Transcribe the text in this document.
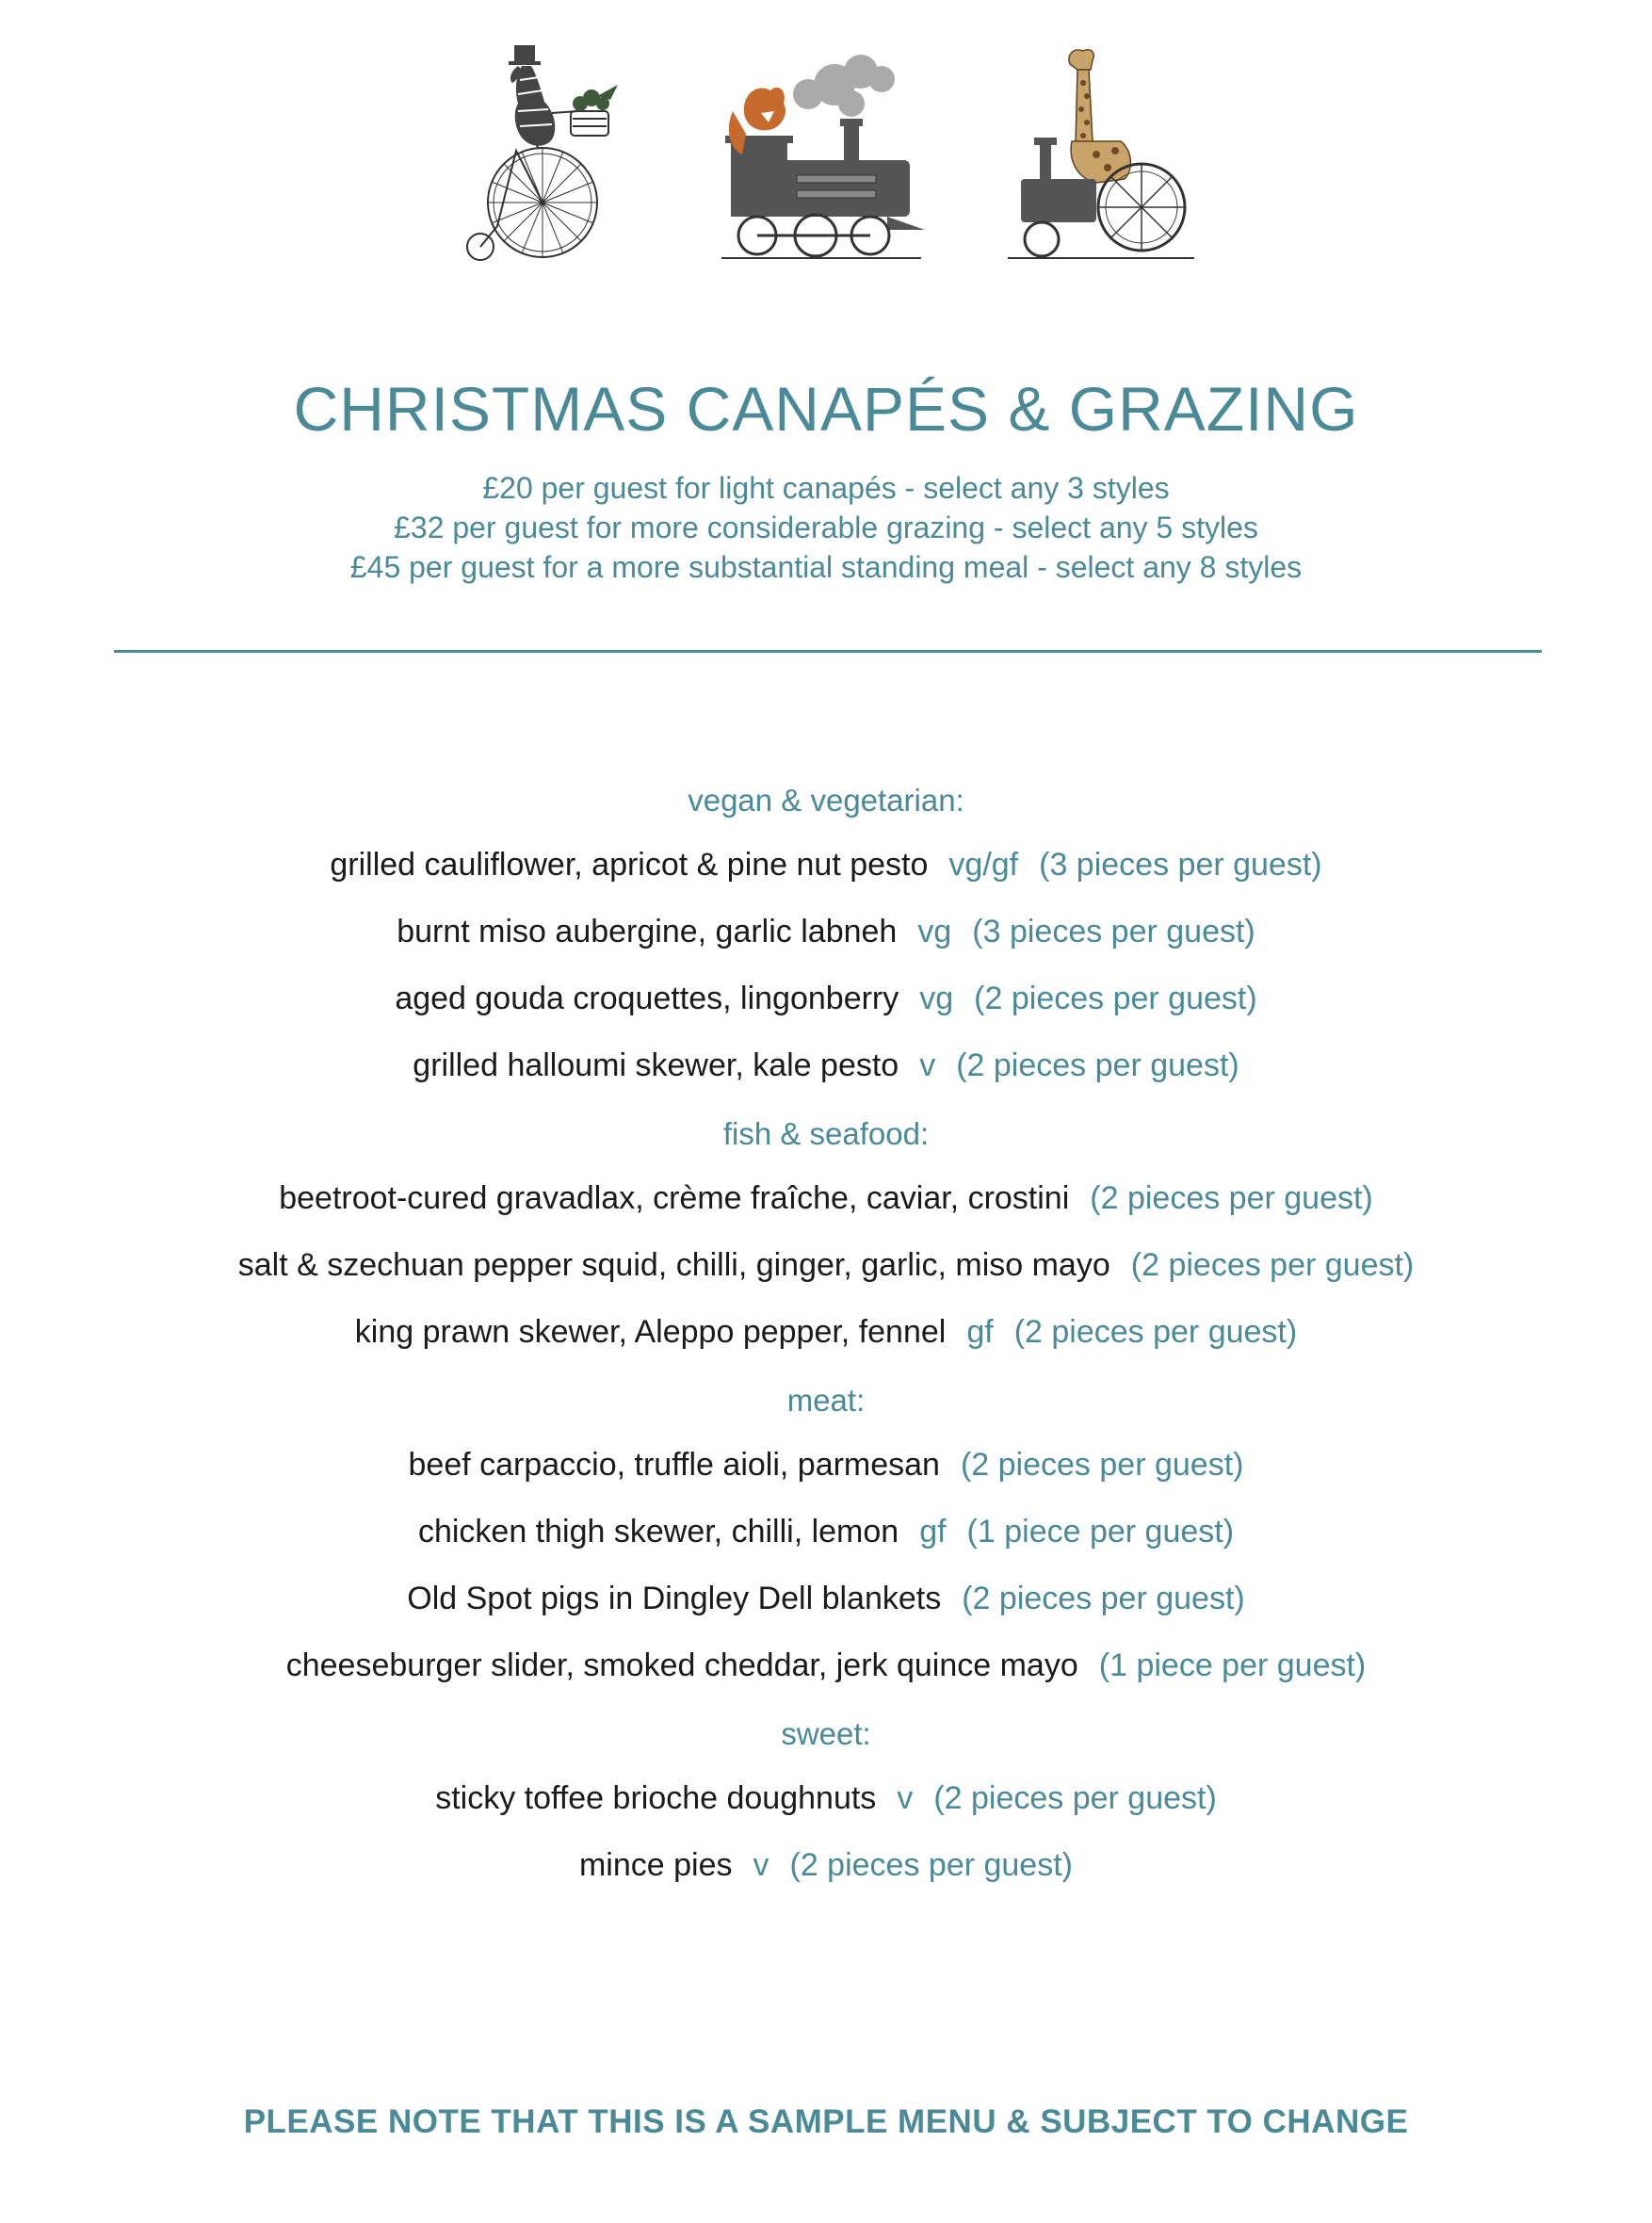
CHRISTMAS CANAPÉS & GRAZING
£20 per guest for light canapés - select any 3 styles
£32 per guest for more considerable grazing - select any 5 styles
£45 per guest for a more substantial standing meal - select any 8 styles
vegan & vegetarian:
grilled cauliflower, apricot & pine nut pesto vg/gf (3 pieces per guest)
burnt miso aubergine, garlic labneh vg (3 pieces per guest)
aged gouda croquettes, lingonberry vg (2 pieces per guest)
grilled halloumi skewer, kale pesto v (2 pieces per guest)
fish & seafood:
beetroot-cured gravadlax, crème fraîche, caviar, crostini (2 pieces per guest)
salt & szechuan pepper squid, chilli, ginger, garlic, miso mayo (2 pieces per guest)
king prawn skewer, Aleppo pepper, fennel gf (2 pieces per guest)
meat:
beef carpaccio, truffle aioli, parmesan (2 pieces per guest)
chicken thigh skewer, chilli, lemon gf (1 piece per guest)
Old Spot pigs in Dingley Dell blankets (2 pieces per guest)
cheeseburger slider, smoked cheddar, jerk quince mayo (1 piece per guest)
sweet:
sticky toffee brioche doughnuts v (2 pieces per guest)
mince pies v (2 pieces per guest)
PLEASE NOTE THAT THIS IS A SAMPLE MENU & SUBJECT TO CHANGE
